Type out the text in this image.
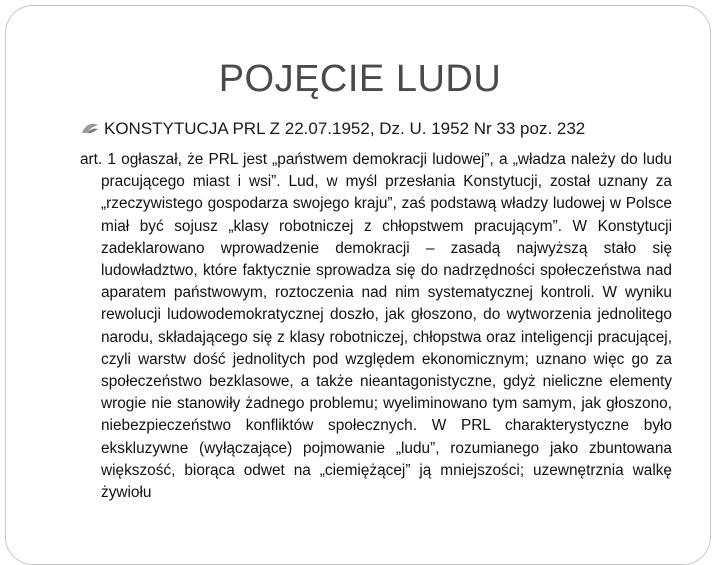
POJĘCIE LUDU
KONSTYTUCJA PRL Z 22.07.1952, Dz. U. 1952 Nr 33 poz. 232
art. 1 ogłaszał, że PRL jest „państwem demokracji ludowej”, a „władza należy do ludu pracującego miast i wsi”. Lud, w myśl przesłania Konstytucji, został uznany za „rzeczywistego gospodarza swojego kraju”, zaś podstawą władzy ludowej w Polsce miał być sojusz „klasy robotniczej z chłopstwem pracującym”. W Konstytucji zadeklarowano wprowadzenie demokracji – zasadą najwyższą stało się ludowładztwo, które faktycznie sprowadza się do nadrzędności społeczeństwa nad aparatem państwowym, roztoczenia nad nim systematycznej kontroli. W wyniku rewolucji ludowodemokratycznej doszło, jak głoszono, do wytworzenia jednolitego narodu, składającego się z klasy robotniczej, chłopstwa oraz inteligencji pracującej, czyli warstw dość jednolitych pod względem ekonomicznym; uznano więc go za społeczeństwo bezklasowe, a także nieantagonistyczne, gdyż nieliczne elementy wrogie nie stanowiły żadnego problemu; wyeliminowano tym samym, jak głoszono, niebezpieczeństwo konfliktów społecznych. W PRL charakterystyczne było ekskluzywne (wyłączające) pojmowanie „ludu”, rozumianego jako zbuntowana większość, biorąca odwet na „ciemiężącej” ją mniejszości; uzewnętrznia walkę żywiołu
